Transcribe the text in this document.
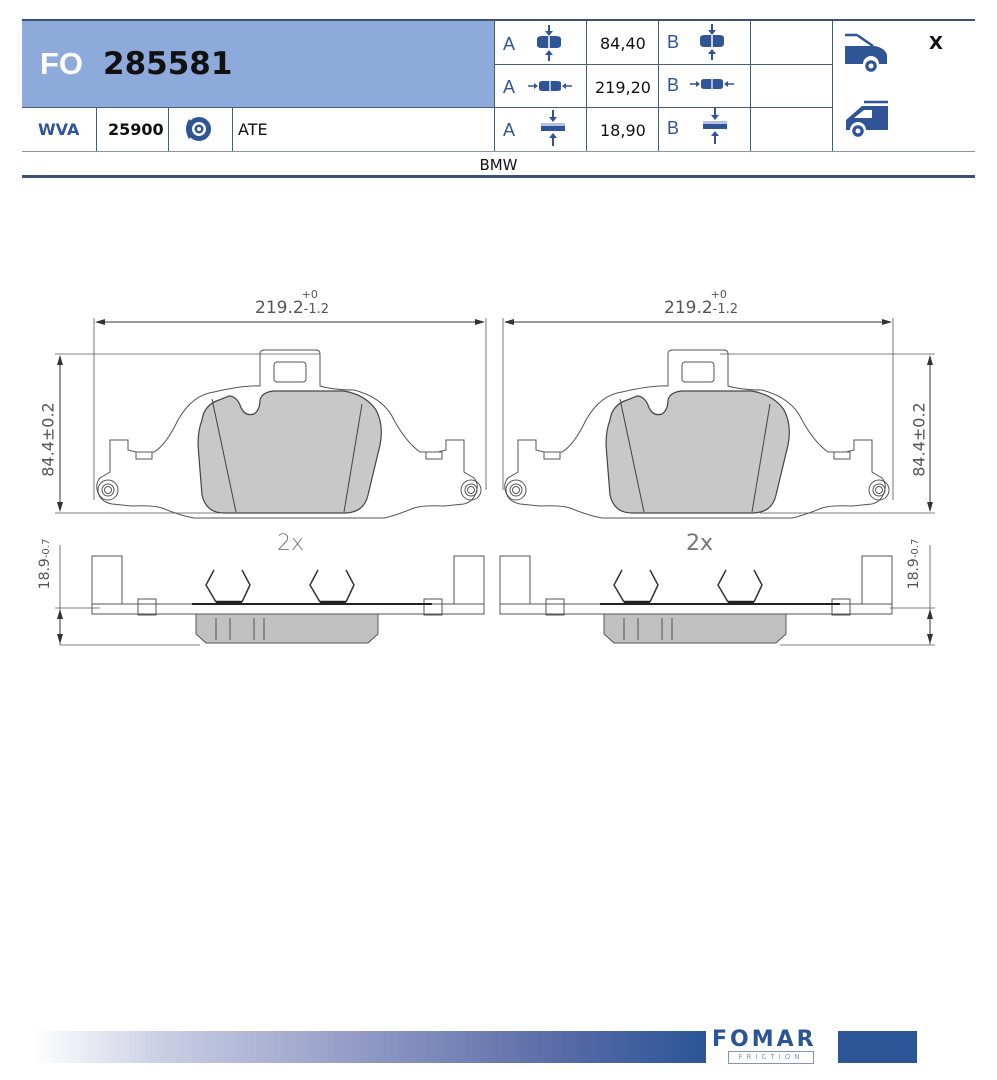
FO 285581
WVA 25900	ATE
A	84,40 B
A	219,20 B
A	18,90 B
X
BMW
219.2
+0
-1.2	219.2
+0
-1.2
84.4±0.2	84.4±0.2
18.9-0.7
18.9-0.7
2x	2x
FOMAR
FRICTION
